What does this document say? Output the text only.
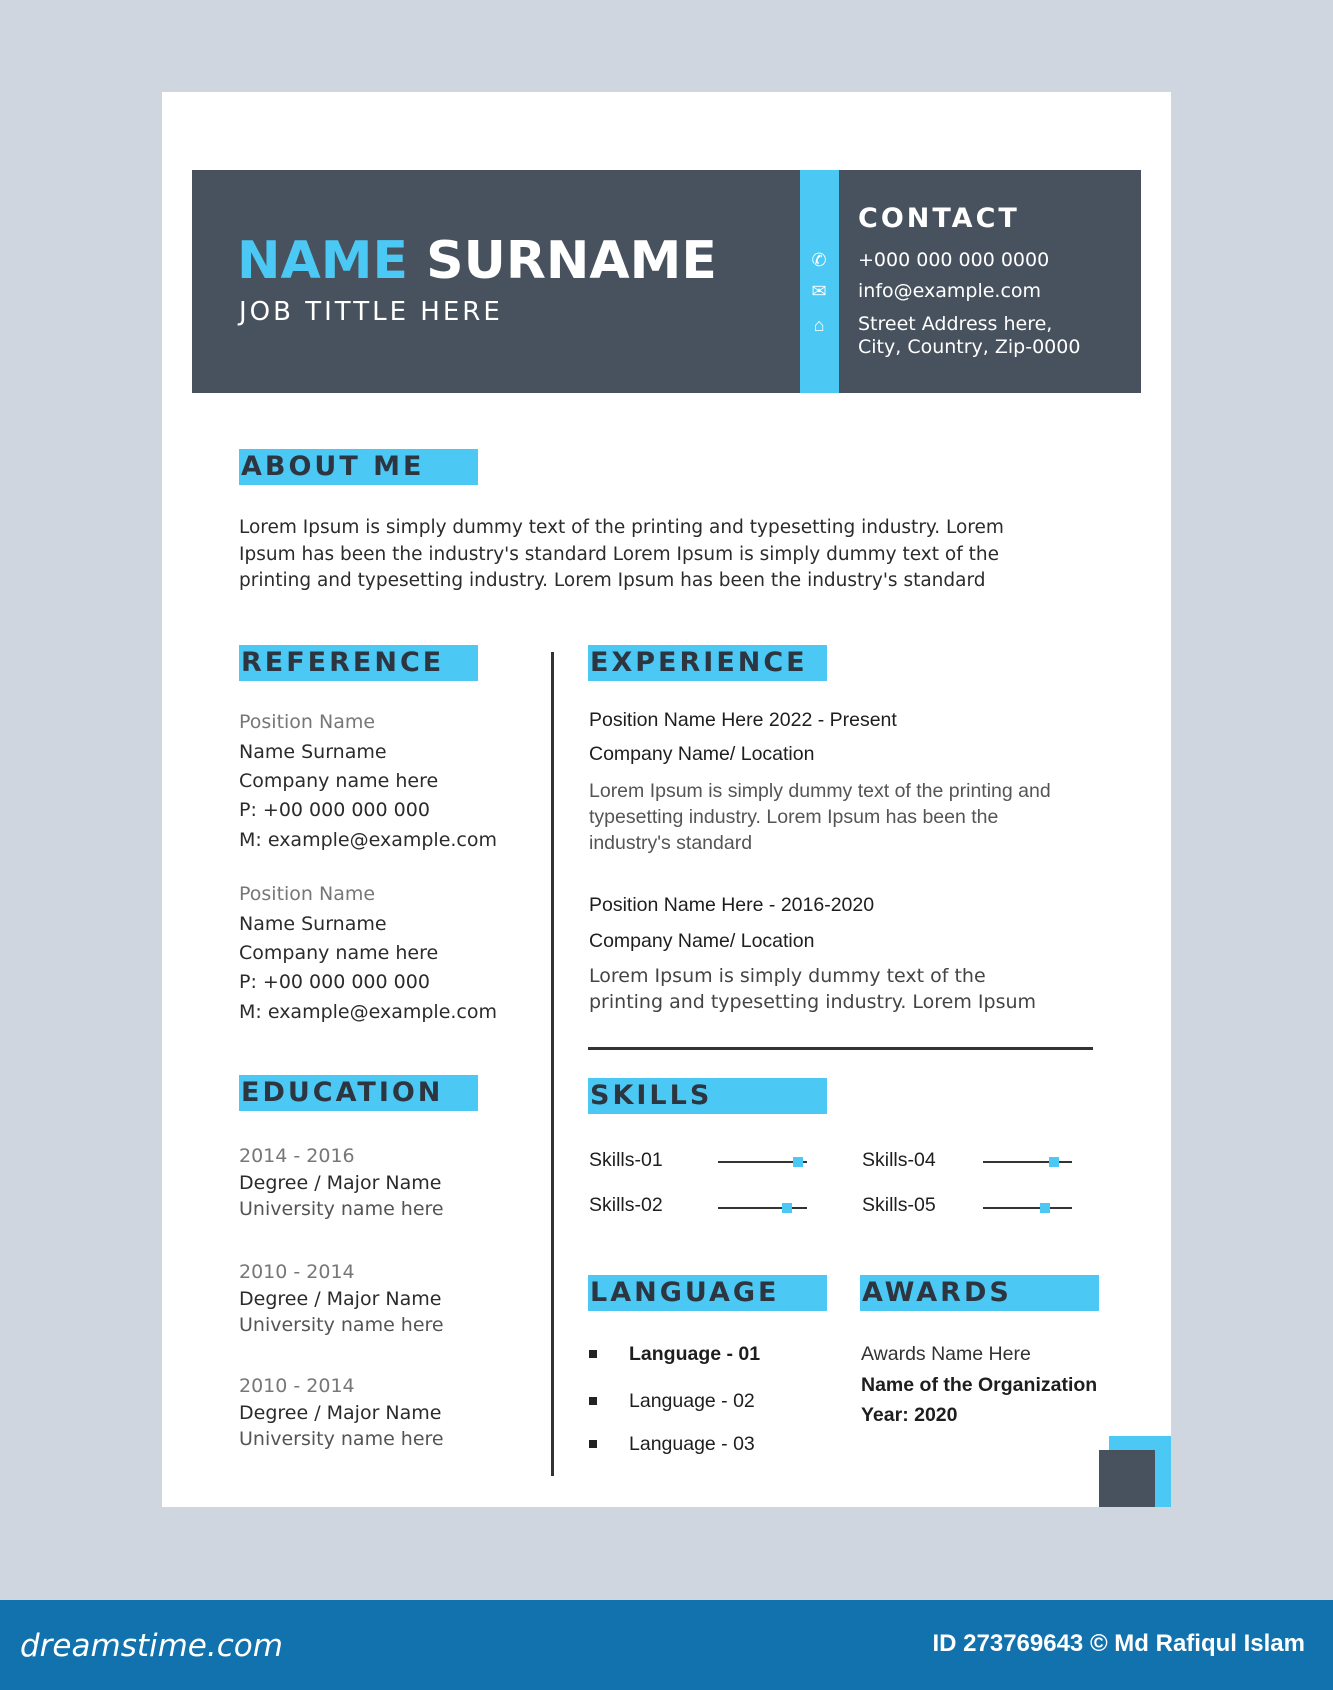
NAME SURNAME
JOB TITTLE HERE
CONTACT
✆
✉
⌂
+000 000 000 0000
info@example.com
Street Address here,
City, Country, Zip-0000
ABOUT ME
Lorem Ipsum is simply dummy text of the printing and typesetting industry. Lorem
Ipsum has been the industry's standard Lorem Ipsum is simply dummy text of the
printing and typesetting industry. Lorem Ipsum has been the industry's standard
REFERENCE
Position Name
Name Surname
Company name here
P: +00 000 000 000
M: example@example.com
Position Name
Name Surname
Company name here
P: +00 000 000 000
M: example@example.com
EDUCATION
2014 - 2016
Degree / Major Name
University name here
2010 - 2014
Degree / Major Name
University name here
2010 - 2014
Degree / Major Name
University name here
EXPERIENCE
Position Name Here 2022 - Present
Company Name/ Location
Lorem Ipsum is simply dummy text of the printing and
typesetting industry. Lorem Ipsum has been the
industry's standard
Position Name Here - 2016-2020
Company Name/ Location
Lorem Ipsum is simply dummy text of the
printing and typesetting industry. Lorem Ipsum
SKILLS
Skills-01
Skills-02
Skills-04
Skills-05
LANGUAGE
Language - 01
Language - 02
Language - 03
AWARDS
Awards Name Here
Name of the Organization
Year: 2020
dreamstime.com	ID 273769643 © Md Rafiqul Islam
